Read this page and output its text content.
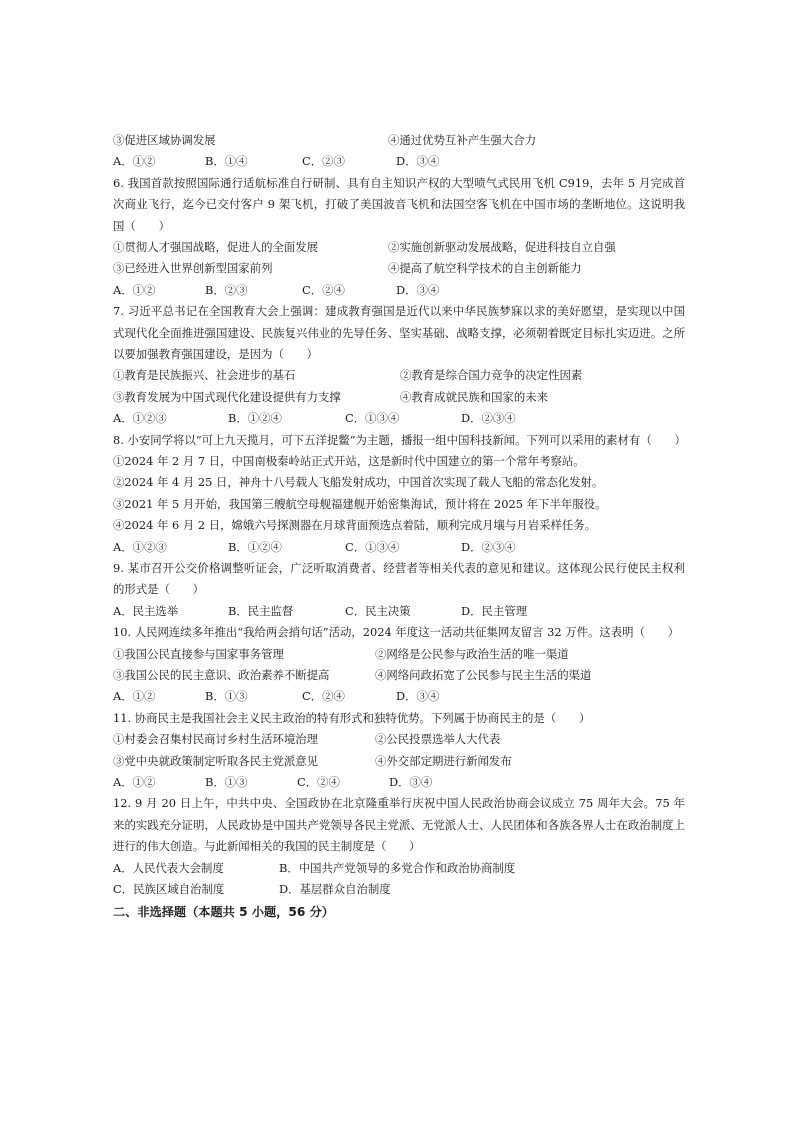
③促进区域协调发展	④通过优势互补产生强大合力
A．①②	B．①④	C．②③	D．③④
6. 我国首款按照国际通行适航标准自行研制、具有自主知识产权的大型喷气式民用飞机 C919，去年 5 月完成首次商业飞行，迄今已交付客户 9 架飞机，打破了美国波音飞机和法国空客飞机在中国市场的垄断地位。这说明我国（　　）
①贯彻人才强国战略，促进人的全面发展	②实施创新驱动发展战略，促进科技自立自强
③已经进入世界创新型国家前列	④提高了航空科学技术的自主创新能力
A．①②	B．②③	C．②④	D．③④
7. 习近平总书记在全国教育大会上强调：建成教育强国是近代以来中华民族梦寐以求的美好愿望，是实现以中国式现代化全面推进强国建设、民族复兴伟业的先导任务、坚实基础、战略支撑，必须朝着既定目标扎实迈进。之所以要加强教育强国建设，是因为（　　）
①教育是民族振兴、社会进步的基石	②教育是综合国力竞争的决定性因素
③教育发展为中国式现代化建设提供有力支撑	④教育成就民族和国家的未来
A．①②③	B．①②④	C．①③④	D．②③④
8. 小安同学将以“可上九天揽月，可下五洋捉鳖”为主题，播报一组中国科技新闻。下列可以采用的素材有（　　）
①2024 年 2 月 7 日，中国南极秦岭站正式开站，这是新时代中国建立的第一个常年考察站。
②2024 年 4 月 25 日，神舟十八号载人飞船发射成功，中国首次实现了载人飞船的常态化发射。
③2021 年 5 月开始，我国第三艘航空母舰福建舰开始密集海试，预计将在 2025 年下半年服役。
④2024 年 6 月 2 日，嫦娥六号探测器在月球背面预选点着陆，顺利完成月壤与月岩采样任务。
A．①②③	B．①②④	C．①③④	D．②③④
9. 某市召开公交价格调整听证会，广泛听取消费者、经营者等相关代表的意见和建议。这体现公民行使民主权利的形式是（　　）
A．民主选举	B．民主监督	C．民主决策	D．民主管理
10. 人民网连续多年推出“我给两会捎句话”活动，2024 年度这一活动共征集网友留言 32 万件。这表明（　　）
①我国公民直接参与国家事务管理	②网络是公民参与政治生活的唯一渠道
③我国公民的民主意识、政治素养不断提高	④网络问政拓宽了公民参与民主生活的渠道
A．①②	B．①③	C．②④	D．③④
11. 协商民主是我国社会主义民主政治的特有形式和独特优势。下列属于协商民主的是（　　）
①村委会召集村民商讨乡村生活环境治理	②公民投票选举人大代表
③党中央就政策制定听取各民主党派意见	④外交部定期进行新闻发布
A．①②	B．①③	C．②④	D．③④
12. 9 月 20 日上午，中共中央、全国政协在北京隆重举行庆祝中国人民政治协商会议成立 75 周年大会。75 年来的实践充分证明，人民政协是中国共产党领导各民主党派、无党派人士、人民团体和各族各界人士在政治制度上进行的伟大创造。与此新闻相关的我国的民主制度是（　　）
A．人民代表大会制度	B．中国共产党领导的多党合作和政治协商制度
C．民族区域自治制度	D．基层群众自治制度
二、非选择题（本题共 5 小题，56 分）
